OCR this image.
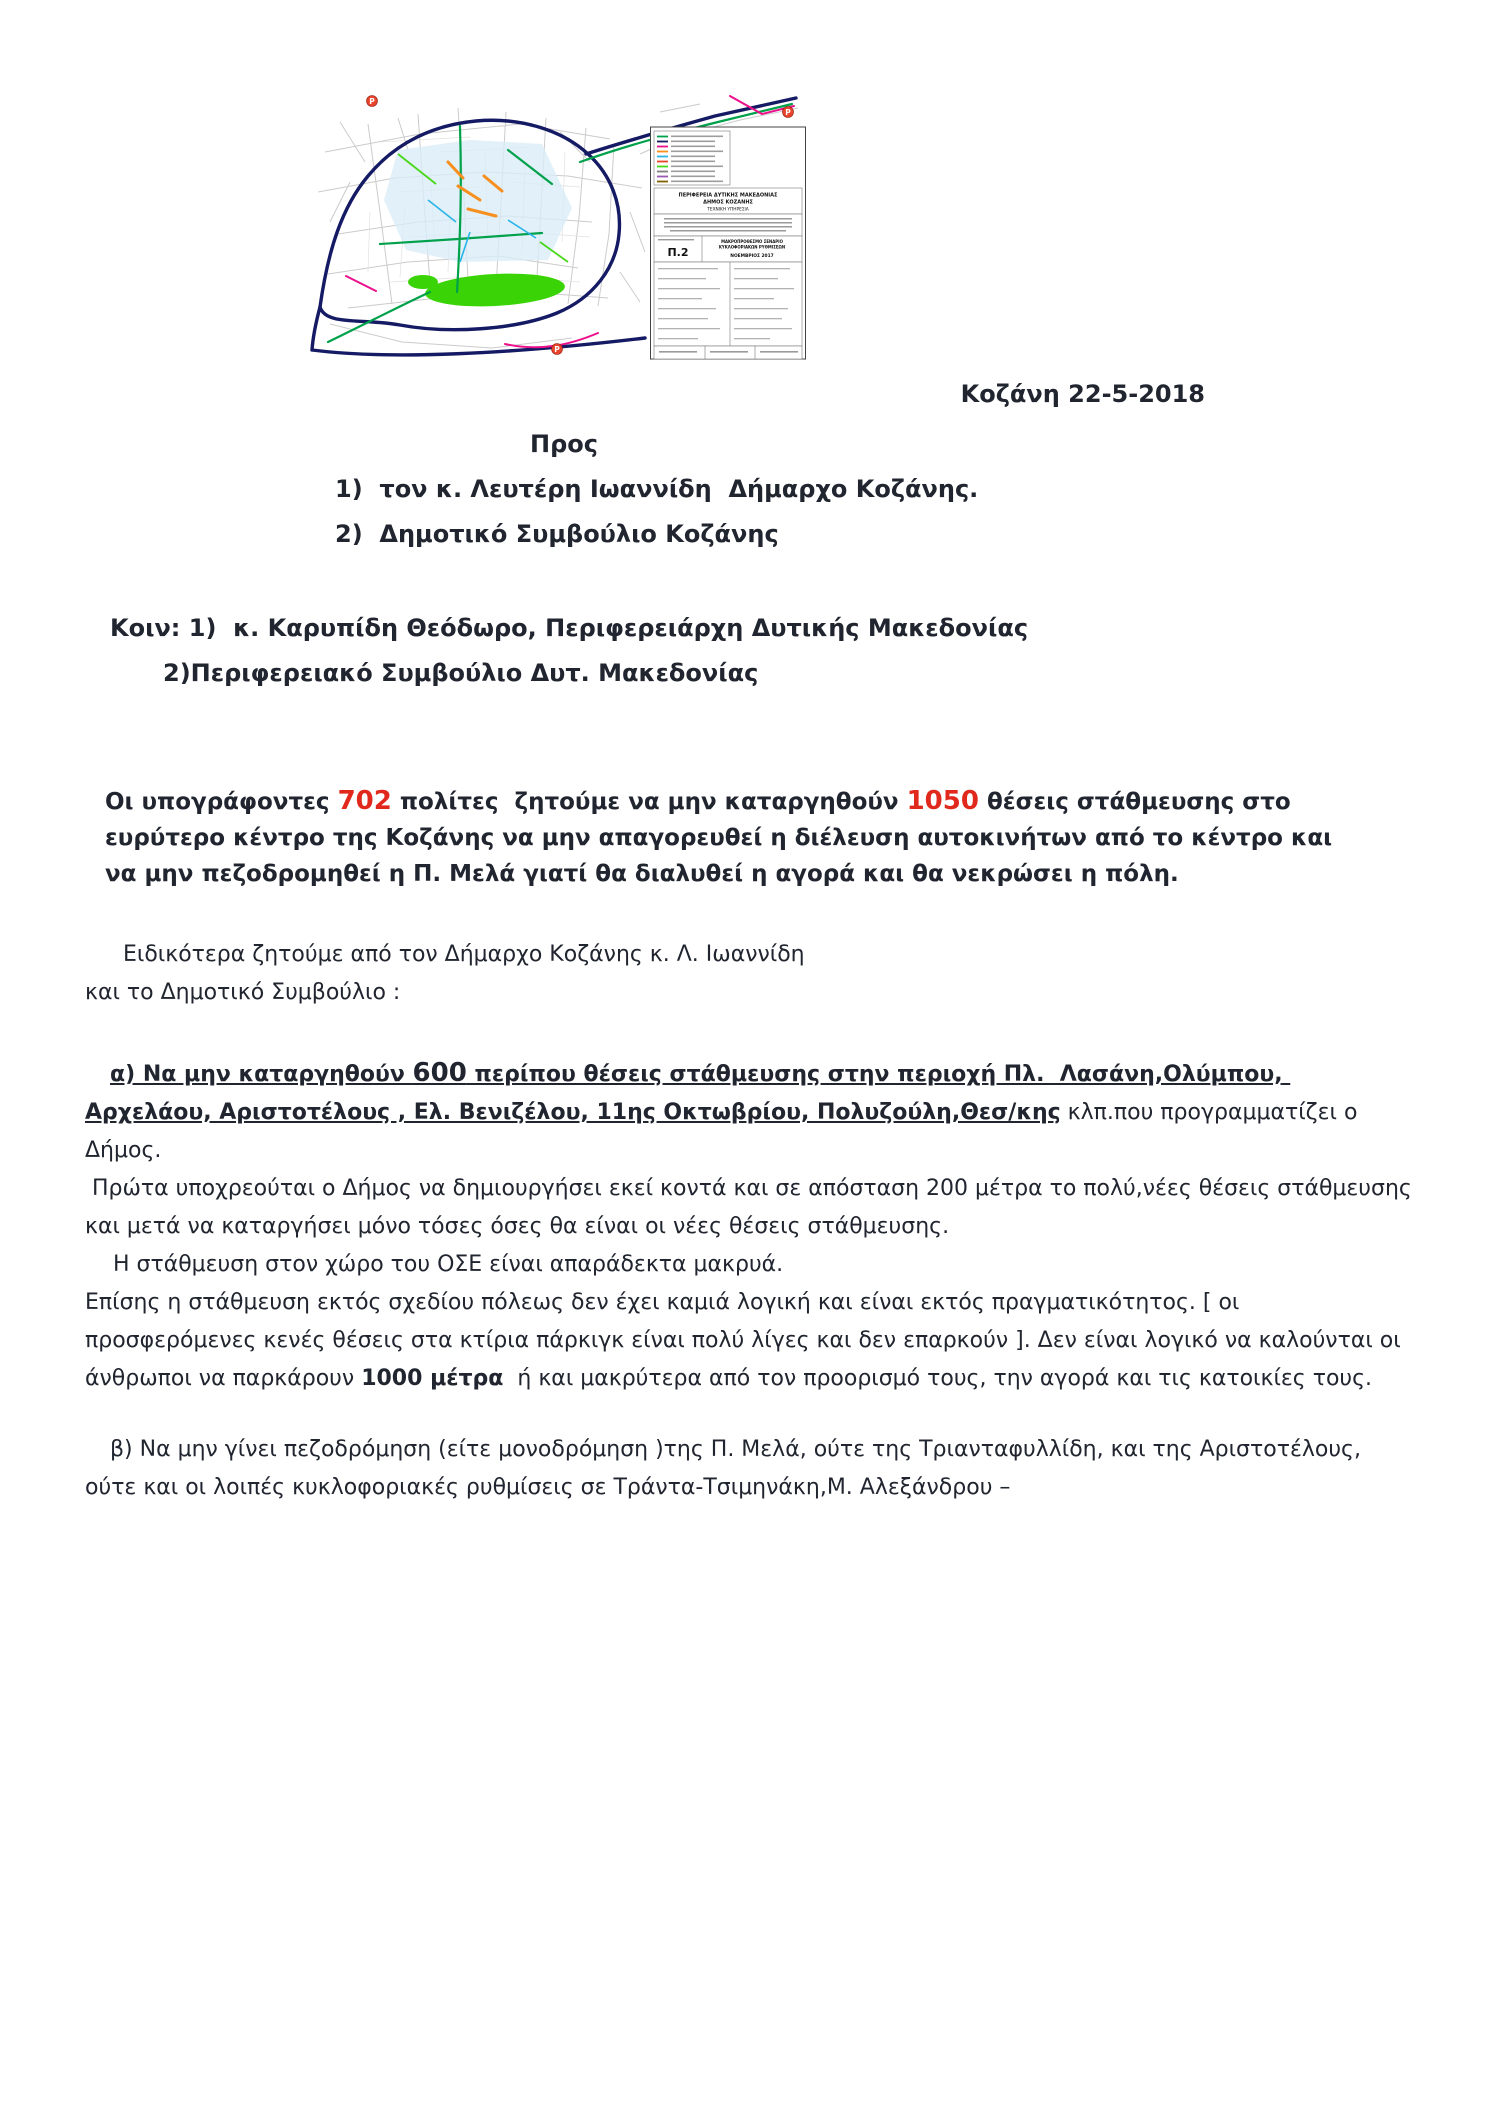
P
P
P
ΠΕΡΙΦΕΡΕΙΑ ΔΥΤΙΚΗΣ ΜΑΚΕΔΟΝΙΑΣ
ΔΗΜΟΣ ΚΟΖΑΝΗΣ
ΤΕΧΝΙΚΗ ΥΠΗΡΕΣΙΑ
Π.2
ΜΑΚΡΟΠΡΟΘΕΣΜΟ ΣΕΝΑΡΙΟ
ΚΥΚΛΟΦΟΡΙΑΚΩΝ ΡΥΘΜΙΣΕΩΝ
ΝΟΕΜΒΡΙΟΣ 2017
Κοζάνη 22-5-2018
Προς
1)  τον κ. Λευτέρη Ιωαννίδη  Δήμαρχο Κοζάνης.
2)  Δημοτικό Συμβούλιο Κοζάνης
Κοιν: 1)  κ. Καρυπίδη Θεόδωρο, Περιφερειάρχη Δυτικής Μακεδονίας
2)Περιφερειακό Συμβούλιο Δυτ. Μακεδονίας

Οι υπογράφοντες 702 πολίτες  ζητούμε να μην καταργηθούν 1050 θέσεις στάθμευσης στο ευρύτερο κέντρο της Κοζάνης να μην απαγορευθεί η διέλευση αυτοκινήτων από το κέντρο και να μην πεζοδρομηθεί η Π. Μελά γιατί θα διαλυθεί η αγορά και θα νεκρώσει η πόλη.

Ειδικότερα ζητούμε από τον Δήμαρχο Κοζάνης κ. Λ. Ιωαννίδη
και το Δημοτικό Συμβούλιο :

α) Να μην καταργηθούν 600 περίπου θέσεις στάθμευσης στην περιοχή Πλ.  Λασάνη,Ολύμπου, Αρχελάου, Αριστοτέλους , Ελ. Βενιζέλου, 11ης Οκτωβρίου, Πολυζούλη,Θεσ/κης κλπ.που προγραμματίζει ο Δήμος.

Πρώτα υποχρεούται ο Δήμος να δημιουργήσει εκεί κοντά και σε απόσταση 200 μέτρα το πολύ,νέες θέσεις στάθμευσης και μετά να καταργήσει μόνο τόσες όσες θα είναι οι νέες θέσεις στάθμευσης.

Η στάθμευση στον χώρο του ΟΣΕ είναι απαράδεκτα μακρυά.

Επίσης η στάθμευση εκτός σχεδίου πόλεως δεν έχει καμιά λογική και είναι εκτός πραγματικότητος. [ οι προσφερόμενες κενές θέσεις στα κτίρια πάρκιγκ είναι πολύ λίγες και δεν επαρκούν ]. Δεν είναι λογικό να καλούνται οι άνθρωποι να παρκάρουν 1000 μέτρα  ή και μακρύτερα από τον προορισμό τους, την αγορά και τις κατοικίες τους.

β) Να μην γίνει πεζοδρόμηση (είτε μονοδρόμηση )της Π. Μελά, ούτε της Τριανταφυλλίδη, και της Αριστοτέλους, ούτε και οι λοιπές κυκλοφοριακές ρυθμίσεις σε Τράντα-Τσιμηνάκη,Μ. Αλεξάνδρου –
